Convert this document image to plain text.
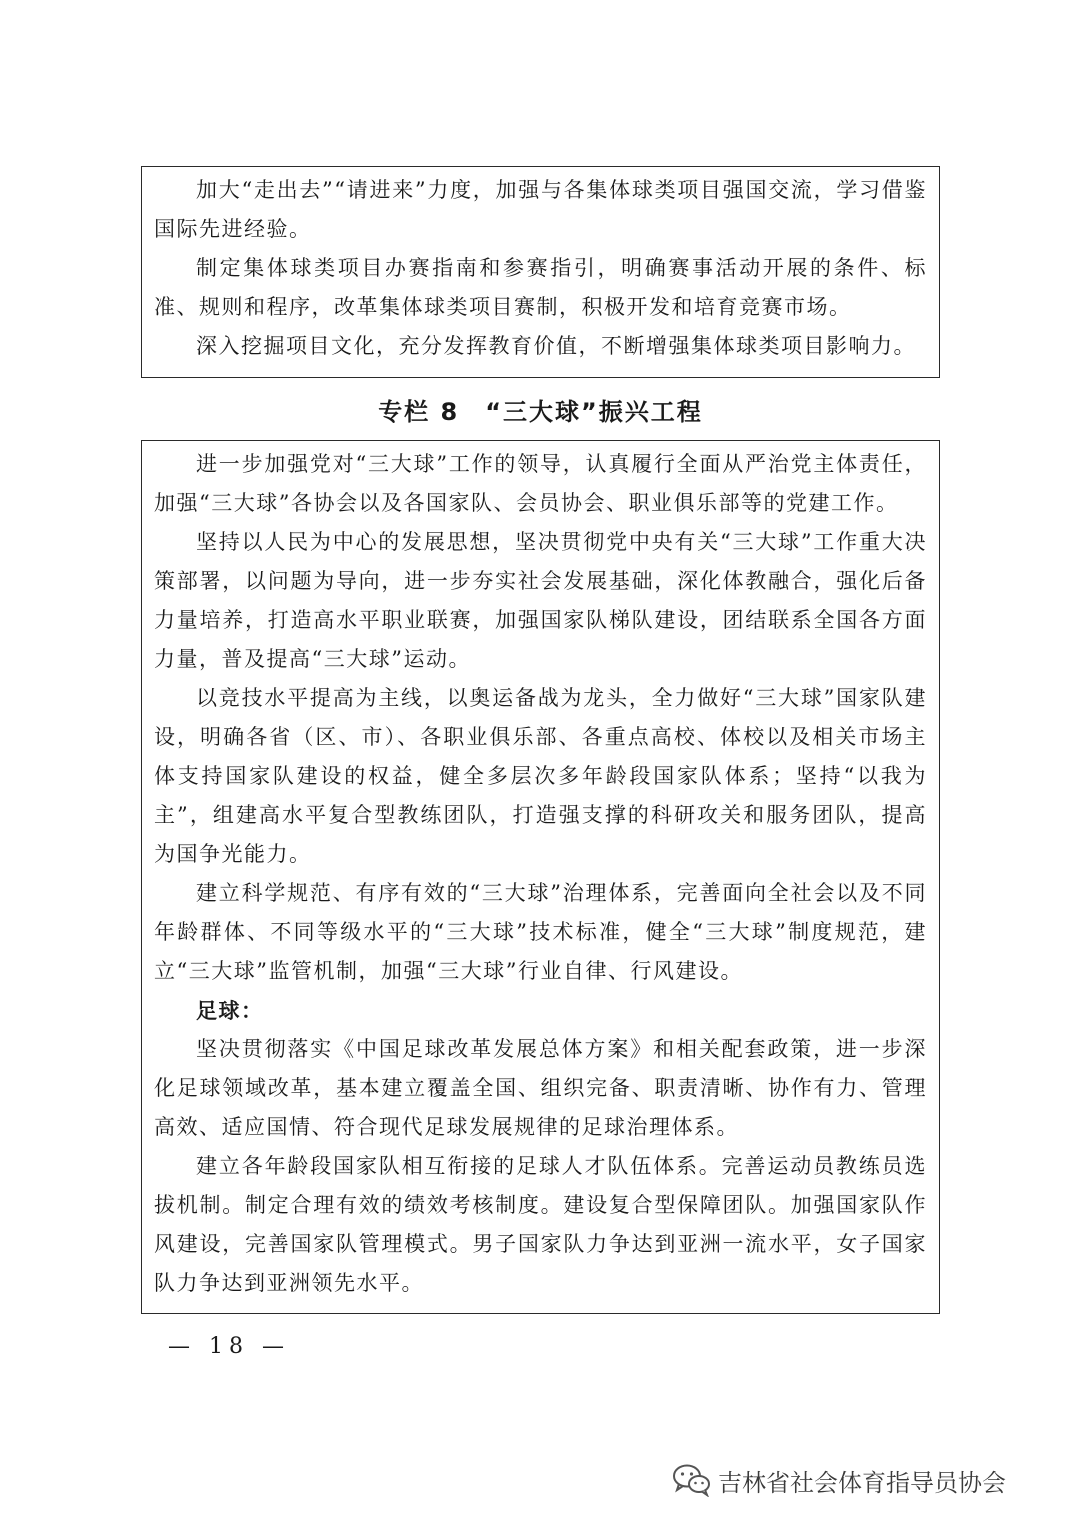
加大“走出去”“请进来”力度，加强与各集体球类项目强国交流，学习借鉴国际先进经验。

制定集体球类项目办赛指南和参赛指引，明确赛事活动开展的条件、标准、规则和程序，改革集体球类项目赛制，积极开发和培育竞赛市场。

深入挖掘项目文化，充分发挥教育价值，不断增强集体球类项目影响力。

专栏 8　“三大球”振兴工程

进一步加强党对“三大球”工作的领导，认真履行全面从严治党主体责任，加强“三大球”各协会以及各国家队、会员协会、职业俱乐部等的党建工作。

坚持以人民为中心的发展思想，坚决贯彻党中央有关“三大球”工作重大决策部署，以问题为导向，进一步夯实社会发展基础，深化体教融合，强化后备力量培养，打造高水平职业联赛，加强国家队梯队建设，团结联系全国各方面力量，普及提高“三大球”运动。

以竞技水平提高为主线，以奥运备战为龙头，全力做好“三大球”国家队建设，明确各省（区、市）、各职业俱乐部、各重点高校、体校以及相关市场主体支持国家队建设的权益，健全多层次多年龄段国家队体系；坚持“以我为主”，组建高水平复合型教练团队，打造强支撑的科研攻关和服务团队，提高为国争光能力。

建立科学规范、有序有效的“三大球”治理体系，完善面向全社会以及不同年龄群体、不同等级水平的“三大球”技术标准，健全“三大球”制度规范，建立“三大球”监管机制，加强“三大球”行业自律、行风建设。

足球：

坚决贯彻落实《中国足球改革发展总体方案》和相关配套政策，进一步深化足球领域改革，基本建立覆盖全国、组织完备、职责清晰、协作有力、管理高效、适应国情、符合现代足球发展规律的足球治理体系。

建立各年龄段国家队相互衔接的足球人才队伍体系。完善运动员教练员选拔机制。制定合理有效的绩效考核制度。建设复合型保障团队。加强国家队作风建设，完善国家队管理模式。男子国家队力争达到亚洲一流水平，女子国家队力争达到亚洲领先水平。

— 18 —
吉林省社会体育指导员协会
